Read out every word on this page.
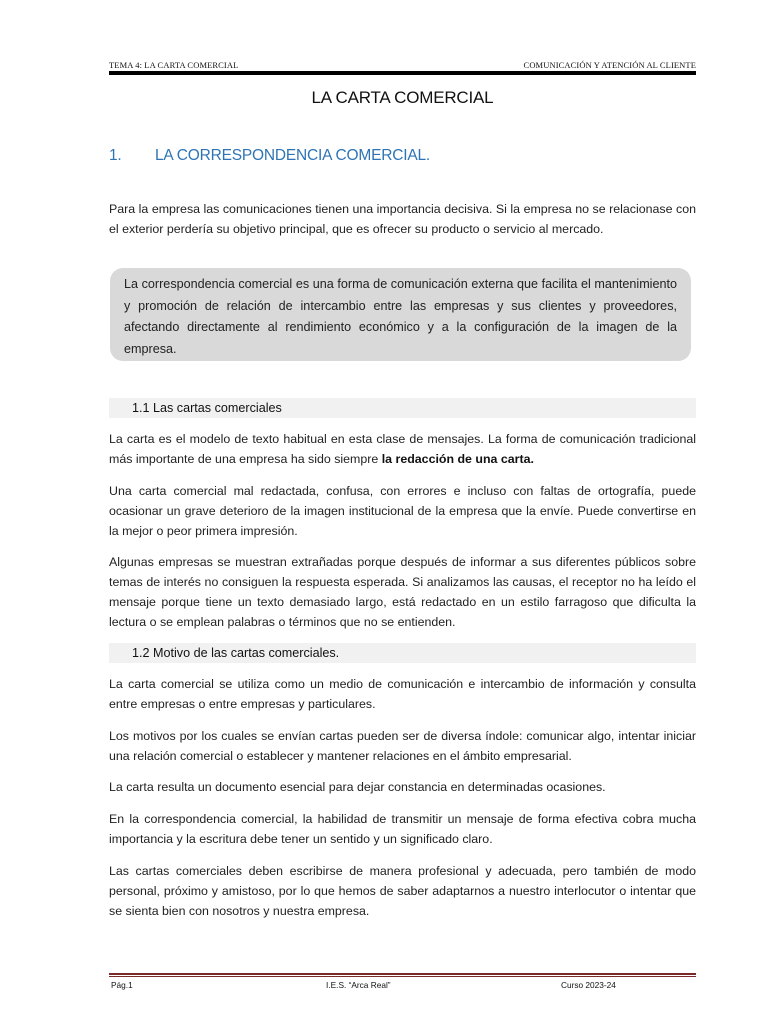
TEMA 4: LA CARTA COMERCIAL	COMUNICACIÓN Y ATENCIÓN AL CLIENTE
LA CARTA COMERCIAL
1. LA CORRESPONDENCIA COMERCIAL.

Para la empresa las comunicaciones tienen una importancia decisiva. Si la empresa no se relacionase con el exterior perdería su objetivo principal, que es ofrecer su producto o servicio al mercado.

La correspondencia comercial es una forma de comunicación externa que facilita el mantenimiento y promoción de relación de intercambio entre las empresas y sus clientes y proveedores, afectando directamente al rendimiento económico y a la configuración de la imagen de la empresa.
1.1 Las cartas comerciales

La carta es el modelo de texto habitual en esta clase de mensajes. La forma de comunicación tradicional más importante de una empresa ha sido siempre la redacción de una carta.

Una carta comercial mal redactada, confusa, con errores e incluso con faltas de ortografía, puede ocasionar un grave deterioro de la imagen institucional de la empresa que la envíe. Puede convertirse en la mejor o peor primera impresión.

Algunas empresas se muestran extrañadas porque después de informar a sus diferentes públicos sobre temas de interés no consiguen la respuesta esperada. Si analizamos las causas, el receptor no ha leído el mensaje porque tiene un texto demasiado largo, está redactado en un estilo farragoso que dificulta la lectura o se emplean palabras o términos que no se entienden.

1.2 Motivo de las cartas comerciales.

La carta comercial se utiliza como un medio de comunicación e intercambio de información y consulta entre empresas o entre empresas y particulares.

Los motivos por los cuales se envían cartas pueden ser de diversa índole: comunicar algo, intentar iniciar una relación comercial o establecer y mantener relaciones en el ámbito empresarial.

La carta resulta un documento esencial para dejar constancia en determinadas ocasiones.

En la correspondencia comercial, la habilidad de transmitir un mensaje de forma efectiva cobra mucha importancia y la escritura debe tener un sentido y un significado claro.

Las cartas comerciales deben escribirse de manera profesional y adecuada, pero también de modo personal, próximo y amistoso, por lo que hemos de saber adaptarnos a nuestro interlocutor o intentar que se sienta bien con nosotros y nuestra empresa.

Pág.1	I.E.S. “Arca Real”	Curso 2023-24
